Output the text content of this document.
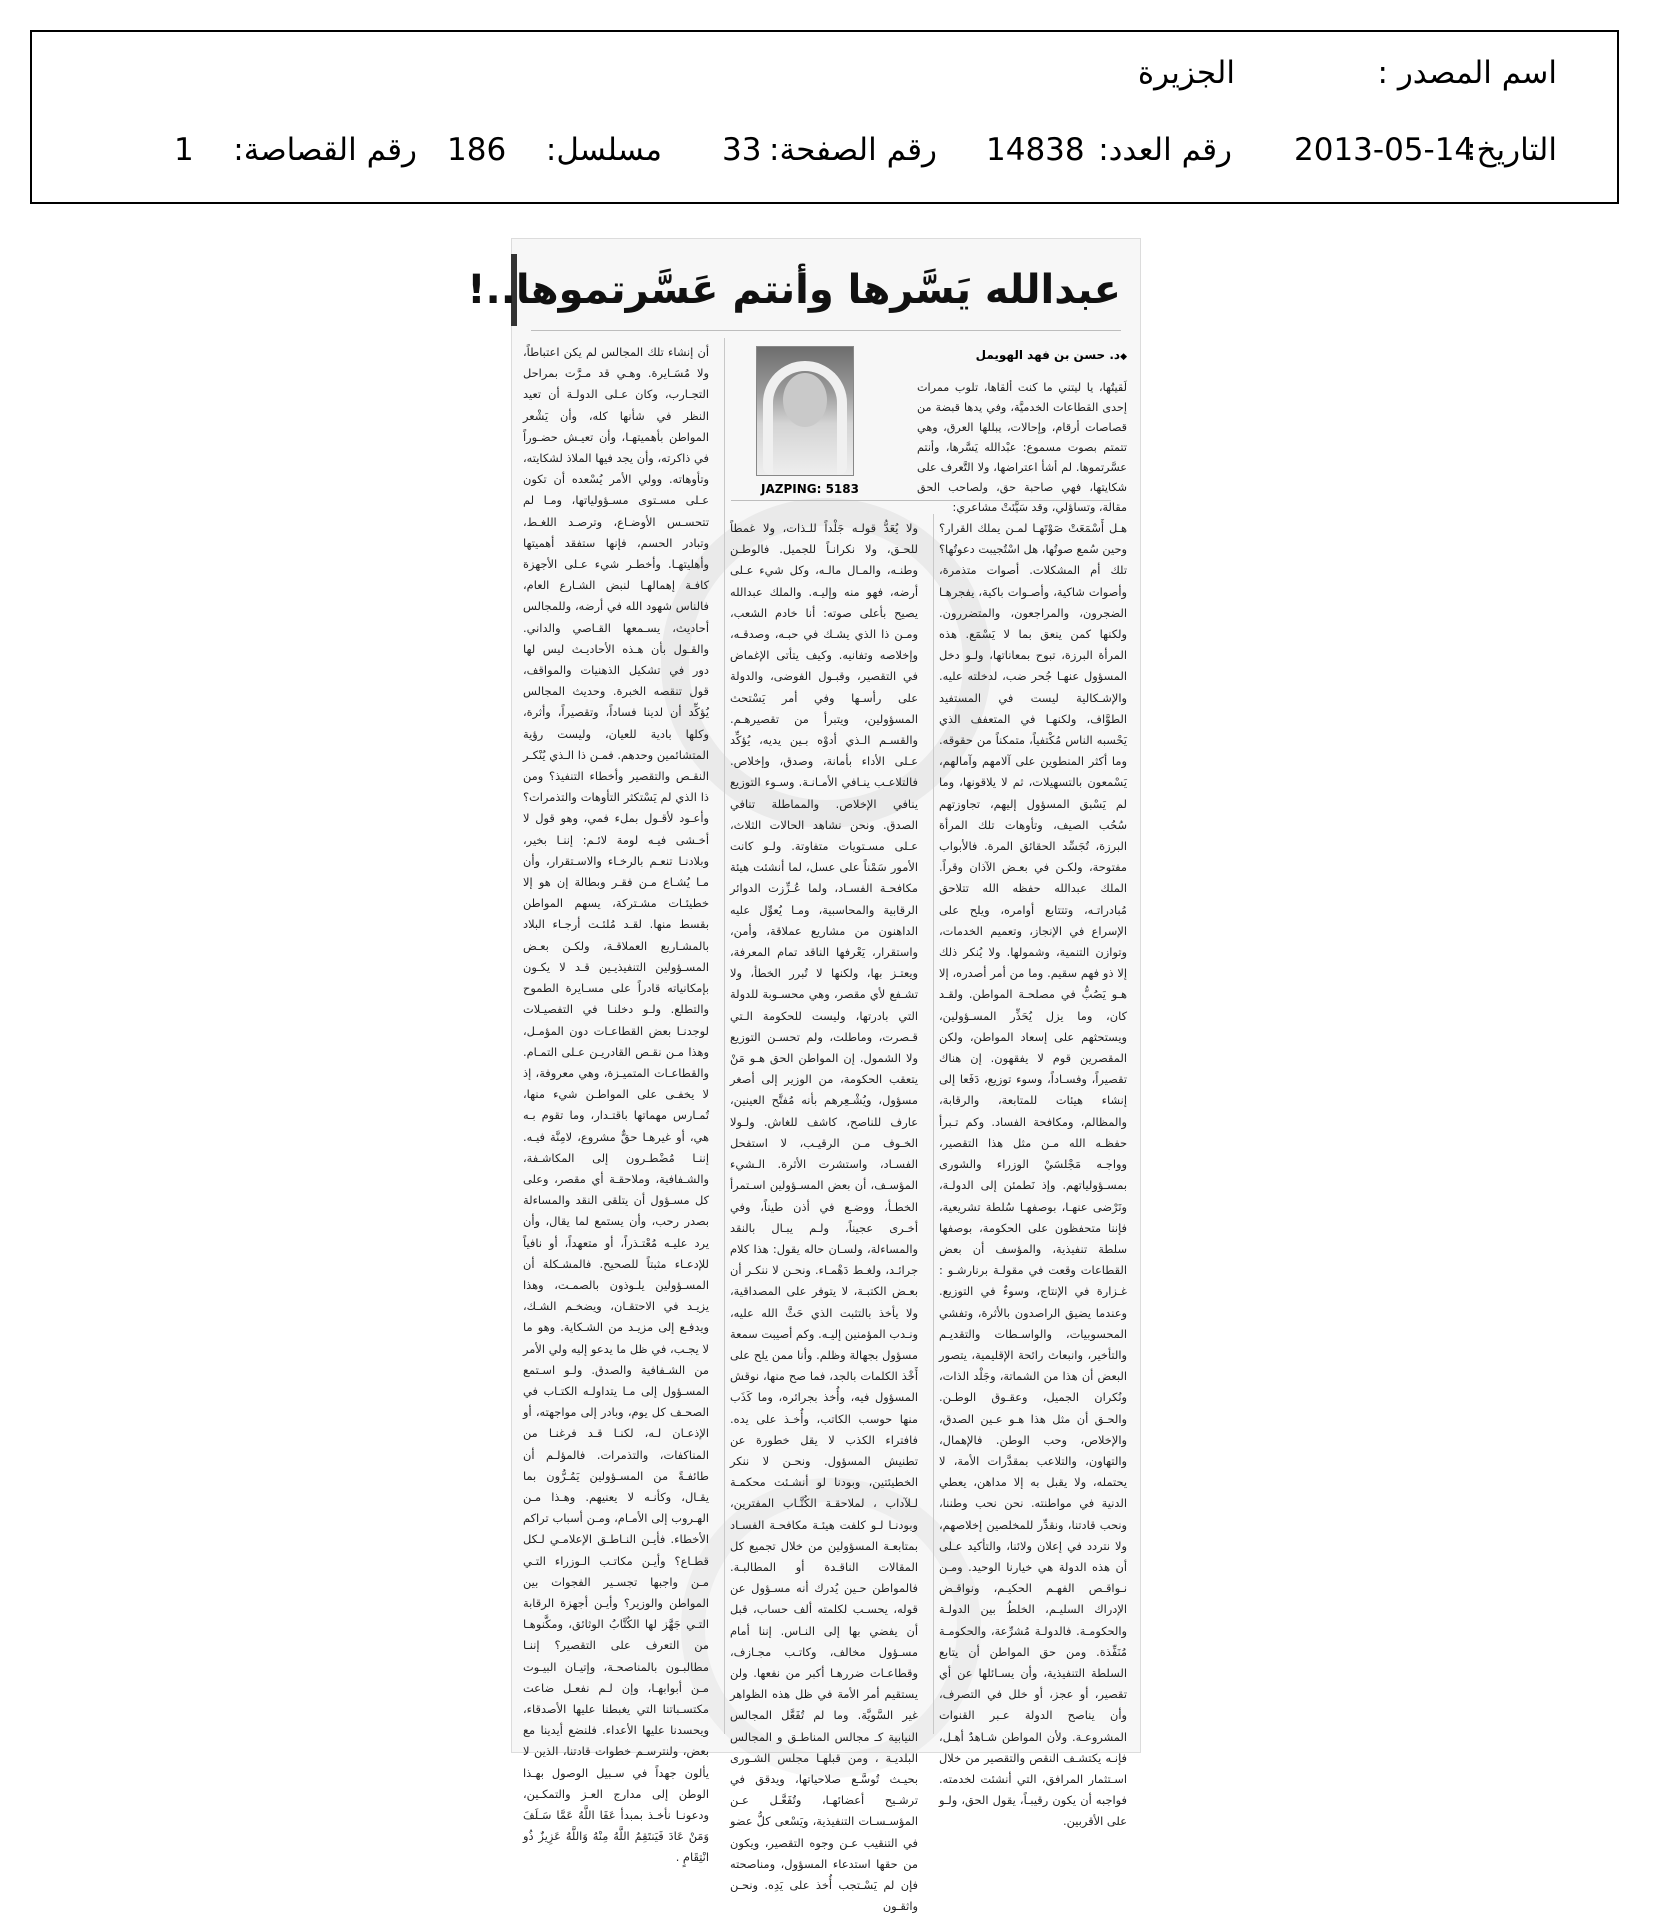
اسم المصدر :
الجزيرة
التاريخ:
2013-05-14
رقم العدد:
14838
رقم الصفحة:
33
مسلسل:
186
رقم القصاصة:
1
عبدالله يَسَّرها وأنتم عَسَّرتموها..!
◆ د. حسن بن فهد الهويمل
JAZPING: 5183
لَقيتُها، يا ليتني ما كنت ألقاها، تلوب ممرات إحدى القطاعات الخدميَّة، وفي يدها قبضة من قصاصات أرقام، وإحالات، يبللها العرق، وهي تتمتم بصوت مسموع: عبْدالله يَسَّرها، وأنتم عسَّرتموها. لم أشأ اعتراضها، ولا التَّعرف على شكايتها، فهي صاحبة حق، ولصاحب الحق مقالة، وتساؤلي، وقد سَيَّئتْ مشاعري:

هـل أَسْمَعَتْ صَوْتَهـا لمـن يملك القرار؟ وحين سُمع صوتُها، هل اسْتُجيبت دعوتُها؟ تلك أم المشكلات. أصوات متذمرة، وأصوات شاكية، وأصـوات باكية، يفجرهـا الضجرون، والمراجعون، والمتضررون. ولكنها كمن ينعق بما لا يَسْمَع. هذه المرأة البرزة، تبوح بمعاناتها، ولـو دخل المسؤول عنهـا جُحر ضب، لدخلته عليه. والإشـكالية ليست في المستفيد الطوَّاف، ولكنهـا في المتعفف الذي يَحْسبه الناس مُكْتفياً، متمكناً من حقوقه. وما أكثر المنطوين على آلامهم وآمالهم، يَسْمعون بالتسهيلات، ثم لا يلاقونها، وما لم يَسْبق المسؤول إليهم، تجاوزتهم سُحُب الصيف، وتأوهات تلك المرأة البرزة، تُجَسِّد الحقائق المرة. فالأبواب مفتوحة، ولكـن في بعـض الآذان وقراً. الملك عبدالله حفظه الله تتلاحق مُبادراتـه، وتتتابع أوامره، ويلح على الإسراع في الإنجاز، وتعميم الخدمات، وتوازن التنمية، وشمولها. ولا يُنكر ذلك إلا ذو فهم سقيم. وما من أمر أصدره، إلا هـو يَصُبُّ في مصلحـة المواطن. ولقـد كان، وما يزل يُحَذِّر المسـؤولين، ويستحثهم على إسعاد المواطن، ولكن المقصرين قوم لا يفقهون. إن هناك تقصيراً، وفسـاداً، وسوء توزيع، دَفَعا إلى إنشاء هيئات للمتابعة، والرقابة، والمظالم، ومكافحة الفساد. وكم تـبرأ حفظـه الله مـن مثل هذا التقصير، وواجـه مَجْلسَيْ الوزراء والشورى بمسـؤولياتهم. وإذ نَطمئن إلى الدولـة، ونَرْضى عنهـا، بوصفهـا سُلطة تشريعية، فإننا متحفظون على الحكومة، بوصفها سلطة تنفيذية، والمؤسف أن بعض القطاعات وقعت في مقولـة برنارشـو : غـزارة في الإنتاج، وسوءٌ في التوزيع. وعندما يضيق الراصدون بالأثرة، وتفشي المحسوبيات، والواسـطات والتقديـم والتأخير، وانبعاث رائحة الإقليمية، يتصور البعض أن هذا من الشماتة، وجَلْد الذات، ونُكران الجميل، وعقـوق الوطـن. والحـق أن مثل هذا هـو عـين الصدق، والإخلاص، وحب الوطن. فالإهمال، والتهاون، والتلاعب بمقدَّرات الأمة، لا يحتمله، ولا يقبل به إلا مداهن، يعطي الدنية في مواطنته. نحن نحب وطننا، ونحب قادتنا، ونقدِّر للمخلصين إخلاصهم، ولا نتردد في إعلان ولائنا، والتأكيد عـلى أن هذه الدولة هي خيارنا الوحيد. ومـن نـواقـص الفهـم الحكيـم، ونواقـض الإدراك السليـم، الخلطُ بين الدولـة والحكومـة. فالدولـة مُشرِّعة، والحكومـة مُنَفِّذة. ومن حق المواطن أن يتابع السلطة التنفيذية، وأن يسـائلها عن أي تقصير، أو عجز، أو خلل في التصرف، وأن يناصح الدولة عـبر القنوات المشروعـة. ولأن المواطن شـاهدٌ أهـل، فإنـه يكتشـف النقص والتقصير من خلال اسـتثمار المرافق، التي أنشئت لخدمته. فواجبه أن يكون رقيبـاً، يقول الحق، ولـو على الأقربين.

ولا يُعَدُّ قولـه جَلْداً للـذات، ولا غمطاً للحـق، ولا نكرانـاً للجميل. فالوطـن وطنـه، والمـال مالـه، وكل شيء عـلى أرضه، فهو منه وإليـه. والملك عبدالله يصيح بأعلى صوته: أنا خادم الشعب، ومـن ذا الذي يشـك في حبـه، وصدقـه، وإخلاصه وتفانيه. وكيف يتأتى الإغماض في التقصير، وقبـول الفوضى، والدولة على رأسـها وفي أمر يَسْتحث المسؤولين، ويتبرأ من تقصيرهـم. والقسـم الـذي أدوْه بـين يديه، يُؤكِّد عـلى الأداء بأمانة، وصدق، وإخلاص. فالتلاعـب ينـافي الأمـانـة. وسـوء التوزيع ينافي الإخلاص. والمماطلة تنافي الصدق. ونحن نشاهد الحالات الثلاث، عـلى مسـتويات متفاوتة. ولـو كانت الأمور سَمْناً على عسل، لما أنشئت هيئة مكافحـة الفسـاد، ولما عُـزِّزت الدوائر الرقابية والمحاسبية، ومـا يُعوِّل عليه الداهنون من مشاريع عملاقة، وأمن، واستقرار، يَعْرفها الناقد تمام المعرفة، ويعتـز بها، ولكنها لا تُبرر الخطأ، ولا تشـفع لأي مقصر، وهي محسـوبة للدولة التي بادرتها، وليست للحكومة الـتي قـصرت، وماطلت، ولم تحسـن التوزيع ولا الشمول. إن المواطن الحق هـو مَنْ يتعقب الحكومة، من الوزير إلى أصغر مسؤول، ويُشْـعِرهم بأنه مُفتَّح العينين، عارف للناصح، كاشف للغاش. ولـولا الخـوف مـن الرقيـب، لا استفحل الفسـاد، واستشرت الأثرة. الـشيء المؤسـف، أن بعض المسـؤولين اسـتمرأ الخطـأ، ووضـع في أذن طيناً، وفي أخـرى عجيناً، ولـم يبـال بالنقد والمساءلة، ولسـان حاله يقول: هذا كلام جرائـد، ولغـط دَهْمـاء. ونحـن لا ننكـر أن بعـض الكتبـة، لا يتوفر على المصداقية، ولا يأخذ بالتثبت الذي حَثَّ الله عليه، ونـدب المؤمنين إليـه. وكم أصيبت سمعة مسؤول بجهالة وظلم. وأنا ممن يلح على أَخْذ الكلمات بالجد، فما صح منها، نوقش المسؤول فيه، وأُخذ بجرائره، وما كَذَب منها حوسب الكاتب، وأُخـذ على يده. فافتراء الكذب لا يقل خطورة عن تطنيش المسؤول. ونحـن لا ننكر الخطيئتين، وبودنا لو أنشـئت محكمـة لـلآداب ، لملاحقـة الكُتَّـاب المفترين، وبودنـا لـو كلفت هيئـة مكافحـة الفسـاد بمتابعـة المسؤولين من خلال تجميع كل المقالات الناقـدة أو المطالبـة. فالمواطن حـين يُدرك أنه مسـؤول عن قوله، يحسـب لكلمته ألف حساب، قبل أن يفضي بها إلى النـاس. إننا أمام مسـؤول مخالف، وكاتـب مجـازف، وقطاعـات ضررهـا أكبر من نفعها. ولن يستقيم أمر الأمة في ظل هذه الظواهر غير السَّويَّة. وما لم تُفَعَّل المجالس النيابية كـ مجالس المناطـق و المجالس البلديـة ، ومن قبلهـا مجلس الشـورى بحيـث تُوسَّـع صلاحياتها، ويدقق في ترشـيح أعضائهـا، وتُفَعَّـل عـن المؤسـسـات التنفيذية، ويَسْعى كلُّ عضو في التنقيب عـن وجوه التقصير، ويكون من حقها استدعاء المسؤول، ومناصحته فإن لم يَسْـتجب أُخذ على يَدِه. ونحـن واثقـون

أن إنشاء تلك المجالس لم يكن اعتباطاً، ولا مُسَـايرة. وهـي قد مـرَّت بمراحل التجـارب، وكان عـلى الدولـة أن تعيد النظر في شأنها كله، وأن يَشْعر المواطن بأهميتهـا، وأن تعيـش حضـوراً في ذاكرته، وأن يجد فيها الملاذ لشكايته، وتأوهاته. وولي الأمر يُسْعده أن تكون عـلى مسـتوى مسـؤولياتها، ومـا لم تتحسـس الأوضـاع، وترصـد اللغـط، وتبادر الحسم، فإنها ستفقد أهميتها وأهليتهـا. وأخطـر شيء عـلى الأجهزة كافـة إهمالهـا لنبض الشـارع العام، فالناس شهود الله في أرضه، وللمجالس أحاديث، يسـمعها القـاصي والداني. والقـول بأن هـذه الأحاديـث ليس لها دور في تشكيل الذهنيات والمواقف، قول تنقصه الخبرة. وحديث المجالس يُؤكِّد أن لدينا فساداً، وتقصيراً، وأثرة، وكلها بادية للعيان، وليست رؤية المتشائمين وحدهم. فمـن ذا الـذي يُنْكـر النقـص والتقصير وأخطاء التنفيذ؟ ومن ذا الذي لم يَسْتكثر التأوهات والتذمرات؟ وأعـود لأقـول بملء فمي، وهو قول لا أخـشى فيـه لومة لائـم: إننـا بخير، وبلادنـا تنعـم بالرخـاء والاسـتقرار، وأن مـا يُشـاع مـن فقـر وبطالة إن هو إلا خطيئـات مشـتركة، يسهم المواطن بقسط منها. لقـد مُلئـت أرجـاء البلاد بالمشـاريع العملاقـة، ولكـن بعـض المسـؤولين التنفيذيـين قـد لا يكـون بإمكانياته قادراً على مسـايرة الطموح والتطلع. ولـو دخلنـا في التفصيـلات لوجدنـا بعض القطاعـات دون المؤمـل، وهذا مـن نقـص القادريـن عـلى التمـام. والقطاعـات المتميـزة، وهي معروفة، إذ لا يخفـى على المواطـن شيء منها، تُمـارس مهماتها باقتـدار، وما تقوم بـه هي، أو غيرهـا حقٌّ مشروع، لامِنَّة فيـه. إننـا مُضْطـرون إلى المكاشـفة، والشـفافية، وملاحقـة أي مقصر، وعلى كل مسـؤول أن يتلقى النقد والمساءلة بصدر رحب، وأن يستمع لما يقال، وأن يرد عليـه مُعْتـذراً، أو متعهداً، أو نافياً للإدعـاء مثبتاً للصحيح. فالمشـكلة أن المسـؤولين يلـوذون بالصمـت، وهذا يزيـد في الاحتقـان، ويضخـم الشـك، ويدفـع إلى مزيـد من الشـكاية. وهو ما لا يجـب، في ظل ما يدعو إليه ولي الأمر من الشـفافية والصدق. ولـو اسـتمع المسـؤول إلى مـا يتداولـه الكتـاب في الصحـف كل يوم، وبادر إلى مواجهته، أو الإذعـان لـه، لكنـا قـد فرغنـا من المناكفات، والتذمرات. فالمؤلـم أن طائفـةً من المسـؤولين يَمُـرُّون بما يقـال، وكأنـه لا يعنيهم. وهـذا مـن الهـروب إلى الأمـام، ومـن أسباب تراكم الأخطاء. فأيـن النـاطـق الإعلامـي لـكل قطـاع؟ وأيـن مكاتـب الـوزراء التـي مـن واجبها تجسـير الفجوات بين المواطن والوزير؟ وأيـن أجهزة الرقابة التـي جَهَّز لها الكُتَّابُ الوثائق، ومكَّنوهـا من التعرف على التقصير؟ إننـا مطالبـون بالمناصحـة، وإتيـان البيـوت مـن أبوابهـا، وإن لـم نفعـل ضاعت مكتسـباتنا التي يغبطنا عليها الأصدقاء، ويحسدنا عليها الأعداء. فلنضع أيدينا مع بعض، ولنترسـم خطوات قادتنا، الذين لا يألون جهداً في سـبيل الوصول بهـذا الوطن إلى مدارج العـز والتمكـين، ودعونـا نأخـذ بمبدأ عَفَا اللَّهُ عَمَّا سَـلَفَ وَمَنْ عَادَ فَيَنتَقِمُ اللَّهُ مِنْهُ وَاللَّهُ عَزِيزٌ ذُو انْتِقَامٍ .
